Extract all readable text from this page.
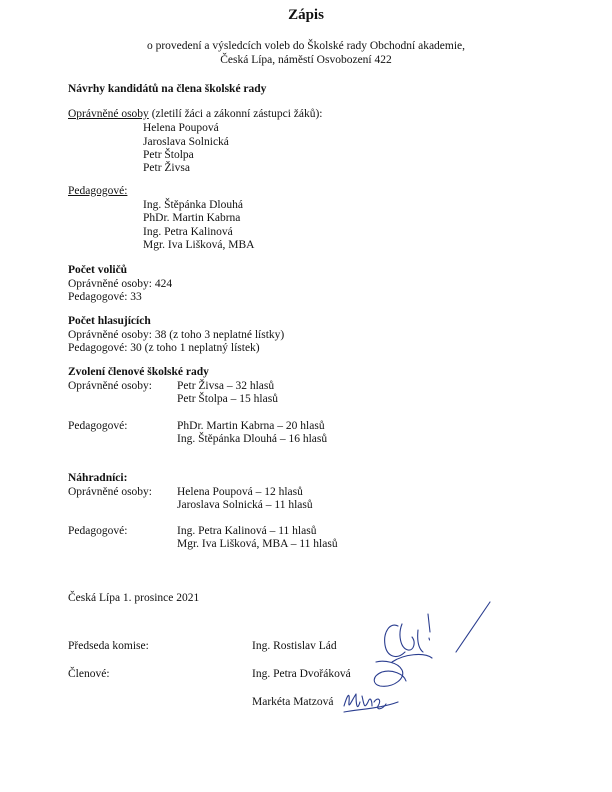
Zápis
o provedení a výsledcích voleb do Školské rady Obchodní akademie,
Česká Lípa, náměstí Osvobození 422
Návrhy kandidátů na člena školské rady
Oprávněné osoby (zletilí žáci a zákonní zástupci žáků):
Helena Poupová
Jaroslava Solnická
Petr Štolpa
Petr Živsa
Pedagogové:
Ing. Štěpánka Dlouhá
PhDr. Martin Kabrna
Ing. Petra Kalinová
Mgr. Iva Lišková, MBA
Počet voličů
Oprávněné osoby: 424
Pedagogové: 33
Počet hlasujících
Oprávněné osoby: 38 (z toho 3 neplatné lístky)
Pedagogové: 30 (z toho 1 neplatný lístek)
Zvolení členové školské rady
Oprávněné osoby: Petr Živsa – 32 hlasů
Petr Štolpa – 15 hlasů
Pedagogové:	PhDr. Martin Kabrna – 20 hlasů
Ing. Štěpánka Dlouhá – 16 hlasů
Náhradníci:
Oprávněné osoby: Helena Poupová – 12 hlasů
Jaroslava Solnická – 11 hlasů
Pedagogové:	Ing. Petra Kalinová – 11 hlasů
Mgr. Iva Lišková, MBA – 11 hlasů
Česká Lípa 1. prosince 2021
Předseda komise:	Ing. Rostislav Lád
Členové:	Ing. Petra Dvořáková
Markéta Matzová
